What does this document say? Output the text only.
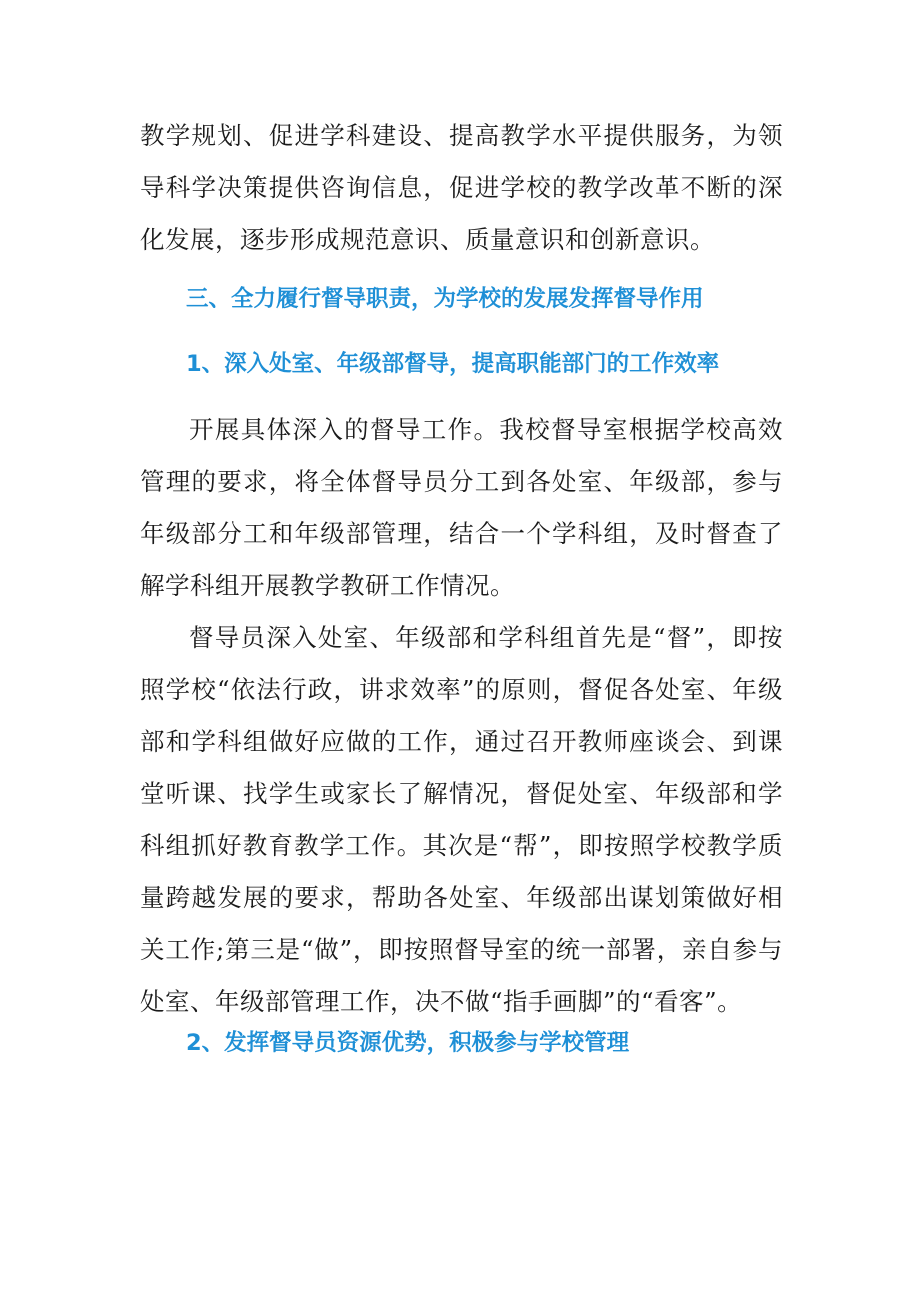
教学规划、促进学科建设、提高教学水平提供服务，为领导科学决策提供咨询信息，促进学校的教学改革不断的深化发展，逐步形成规范意识、质量意识和创新意识。

三、全力履行督导职责，为学校的发展发挥督导作用
1、深入处室、年级部督导，提高职能部门的工作效率

开展具体深入的督导工作。我校督导室根据学校高效管理的要求，将全体督导员分工到各处室、年级部，参与年级部分工和年级部管理，结合一个学科组，及时督查了解学科组开展教学教研工作情况。

督导员深入处室、年级部和学科组首先是“督”，即按照学校“依法行政，讲求效率”的原则，督促各处室、年级部和学科组做好应做的工作，通过召开教师座谈会、到课堂听课、找学生或家长了解情况，督促处室、年级部和学科组抓好教育教学工作。其次是“帮”，即按照学校教学质量跨越发展的要求，帮助各处室、年级部出谋划策做好相关工作;第三是“做”，即按照督导室的统一部署，亲自参与处室、年级部管理工作，决不做“指手画脚”的“看客”。

2、发挥督导员资源优势，积极参与学校管理
